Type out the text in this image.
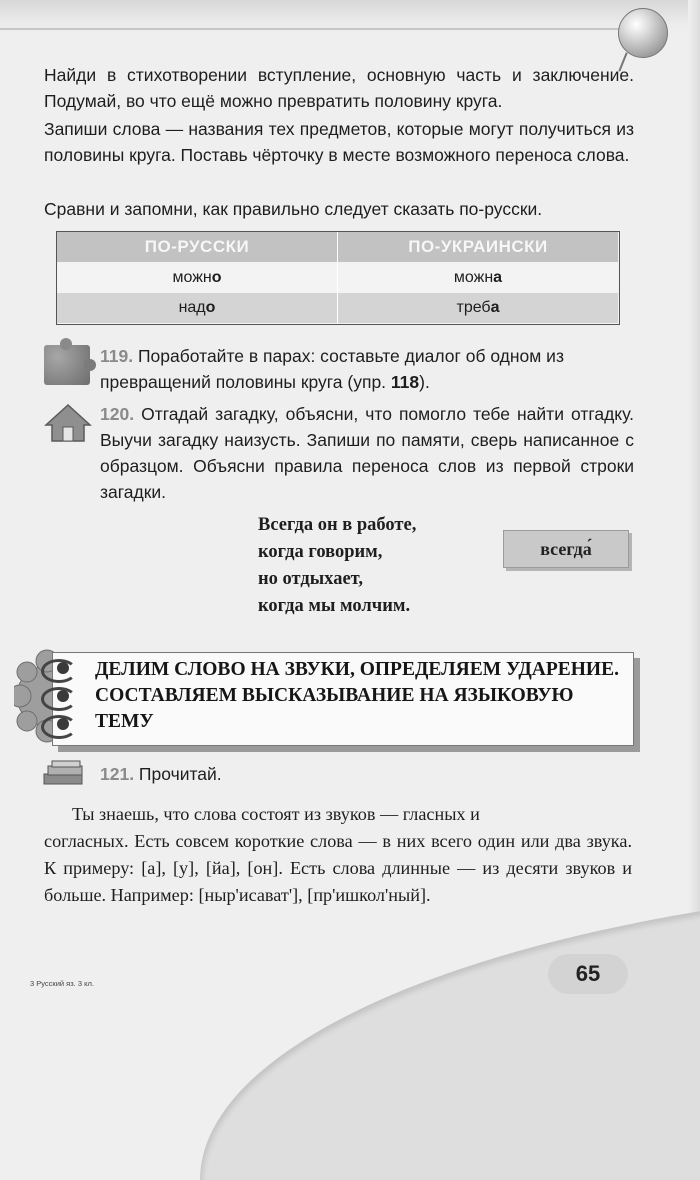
Найди в стихотворении вступление, основную часть и заключение. Подумай, во что ещё можно превратить половину круга.

Запиши слова — названия тех предметов, которые могут получиться из половины круга. Поставь чёрточку в месте возможного переноса слова.

Сравни и запомни, как правильно следует сказать по-русски.

ПО-РУССКИ	ПО-УКРАИНСКИ
можно	можна
надо	треба

119. Поработайте в парах: составьте диалог об одном из превращений половины круга (упр. 118).

120. Отгадай загадку, объясни, что помогло тебе найти отгадку. Выучи загадку наизусть. Запиши по памяти, сверь написанное с образцом. Объясни правила переноса слов из первой строки загадки.

Всегда он в работе,
когда говорим,
но отдыхает,
когда мы молчим.
всегда́

ДЕЛИМ СЛОВО НА ЗВУКИ, ОПРЕДЕЛЯЕМ УДАРЕНИЕ. СОСТАВЛЯЕМ ВЫСКАЗЫВАНИЕ НА ЯЗЫКОВУЮ ТЕМУ

121. Прочитай.

Ты знаешь, что слова состоят из звуков — гласных и

согласных. Есть совсем короткие слова — в них всего один или два звука. К примеру: [а], [у], [йа], [он]. Есть слова длинные — из десяти звуков и больше. Например: [ныр'исават'], [пр'ишкол'ный].

3 Русский яз. 3 кл.	65
